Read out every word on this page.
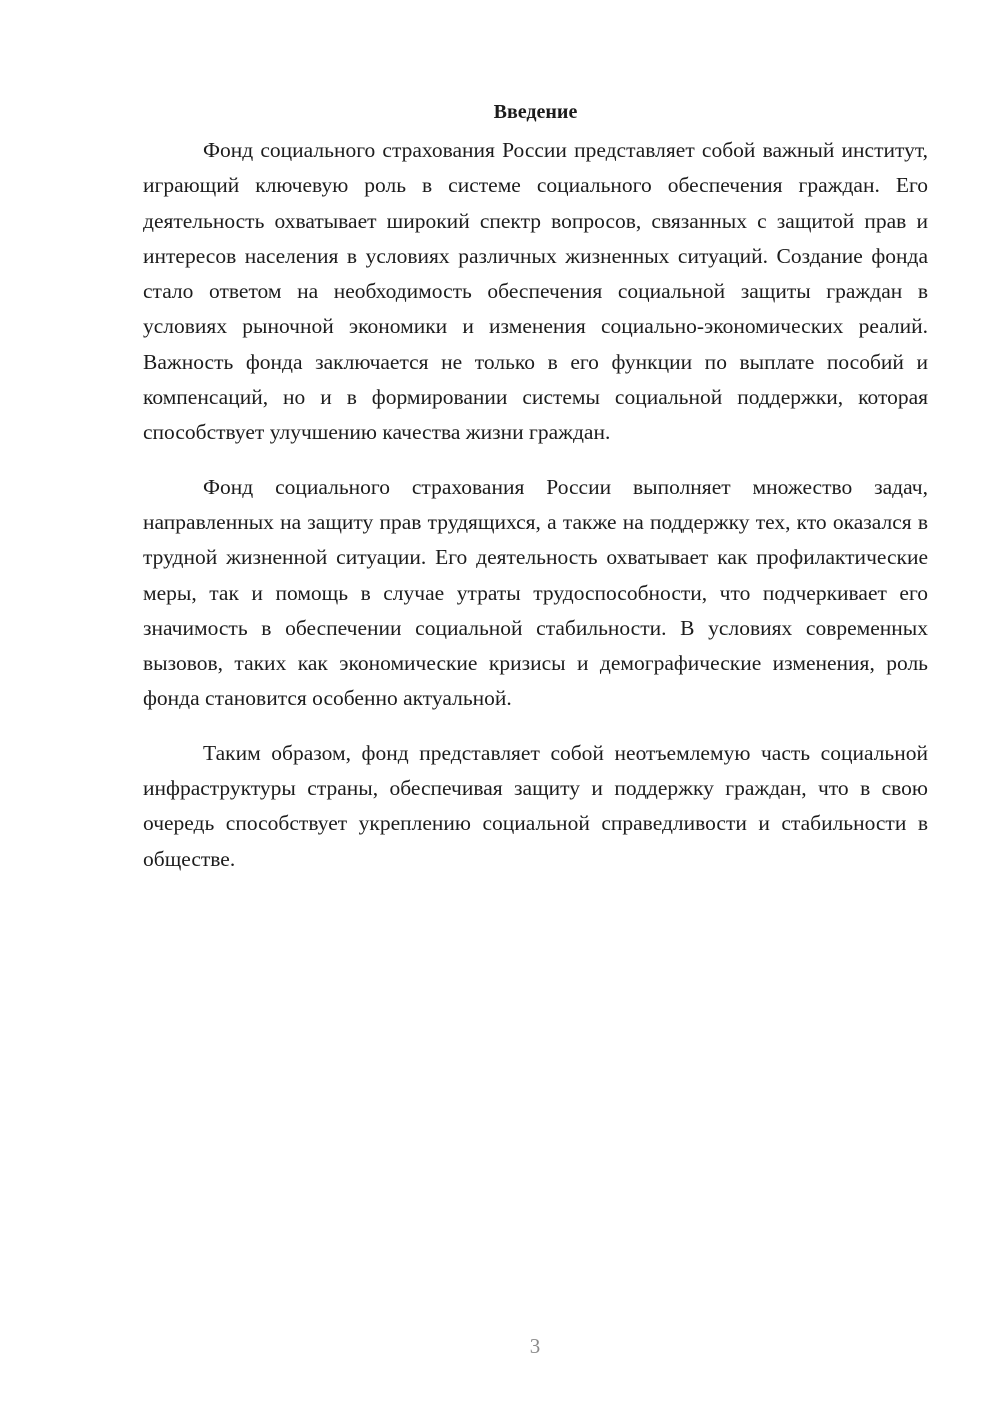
Введение

Фонд социального страхования России представляет собой важный институт, играющий ключевую роль в системе социального обеспечения граждан. Его деятельность охватывает широкий спектр вопросов, связанных с защитой прав и интересов населения в условиях различных жизненных ситуаций. Создание фонда стало ответом на необходимость обеспечения социальной защиты граждан в условиях рыночной экономики и изменения социально-экономических реалий. Важность фонда заключается не только в его функции по выплате пособий и компенсаций, но и в формировании системы социальной поддержки, которая способствует улучшению качества жизни граждан.

Фонд социального страхования России выполняет множество задач, направленных на защиту прав трудящихся, а также на поддержку тех, кто оказался в трудной жизненной ситуации. Его деятельность охватывает как профилактические меры, так и помощь в случае утраты трудоспособности, что подчеркивает его значимость в обеспечении социальной стабильности. В условиях современных вызовов, таких как экономические кризисы и демографические изменения, роль фонда становится особенно актуальной.

Таким образом, фонд представляет собой неотъемлемую часть социальной инфраструктуры страны, обеспечивая защиту и поддержку граждан, что в свою очередь способствует укреплению социальной справедливости и стабильности в обществе.

3
